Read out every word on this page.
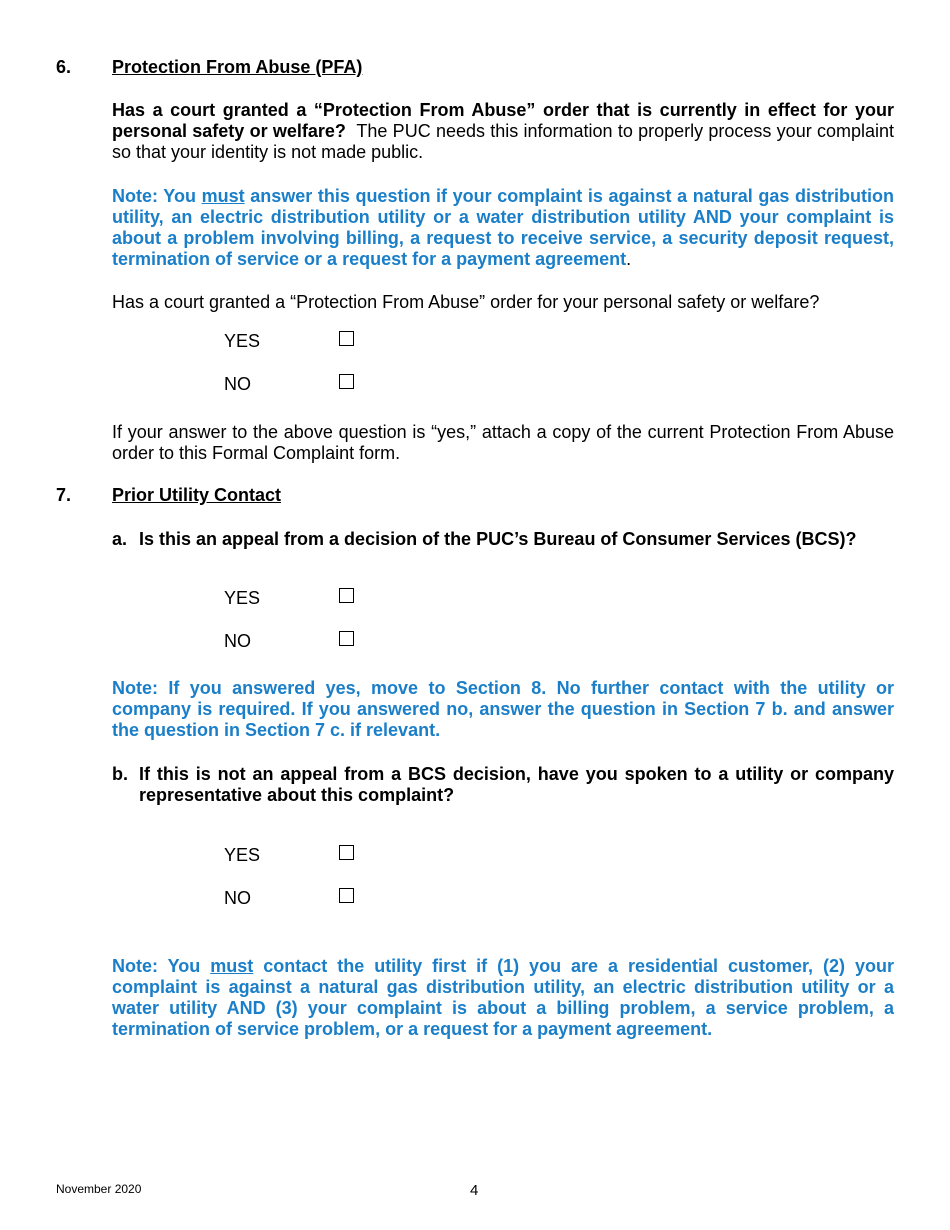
6. Protection From Abuse (PFA)
Has a court granted a “Protection From Abuse” order that is currently in effect for your personal safety or welfare? The PUC needs this information to properly process your complaint so that your identity is not made public.
Note: You must answer this question if your complaint is against a natural gas distribution utility, an electric distribution utility or a water distribution utility AND your complaint is about a problem involving billing, a request to receive service, a security deposit request, termination of service or a request for a payment agreement.
Has a court granted a “Protection From Abuse” order for your personal safety or welfare?
YES
NO
If your answer to the above question is “yes,” attach a copy of the current Protection From Abuse order to this Formal Complaint form.
7. Prior Utility Contact
a. Is this an appeal from a decision of the PUC’s Bureau of Consumer Services (BCS)?
YES
NO
Note: If you answered yes, move to Section 8. No further contact with the utility or company is required. If you answered no, answer the question in Section 7 b. and answer the question in Section 7 c. if relevant.
b. If this is not an appeal from a BCS decision, have you spoken to a utility or company representative about this complaint?
YES
NO
Note: You must contact the utility first if (1) you are a residential customer, (2) your complaint is against a natural gas distribution utility, an electric distribution utility or a water utility AND (3) your complaint is about a billing problem, a service problem, a termination of service problem, or a request for a payment agreement.
November 2020	4
